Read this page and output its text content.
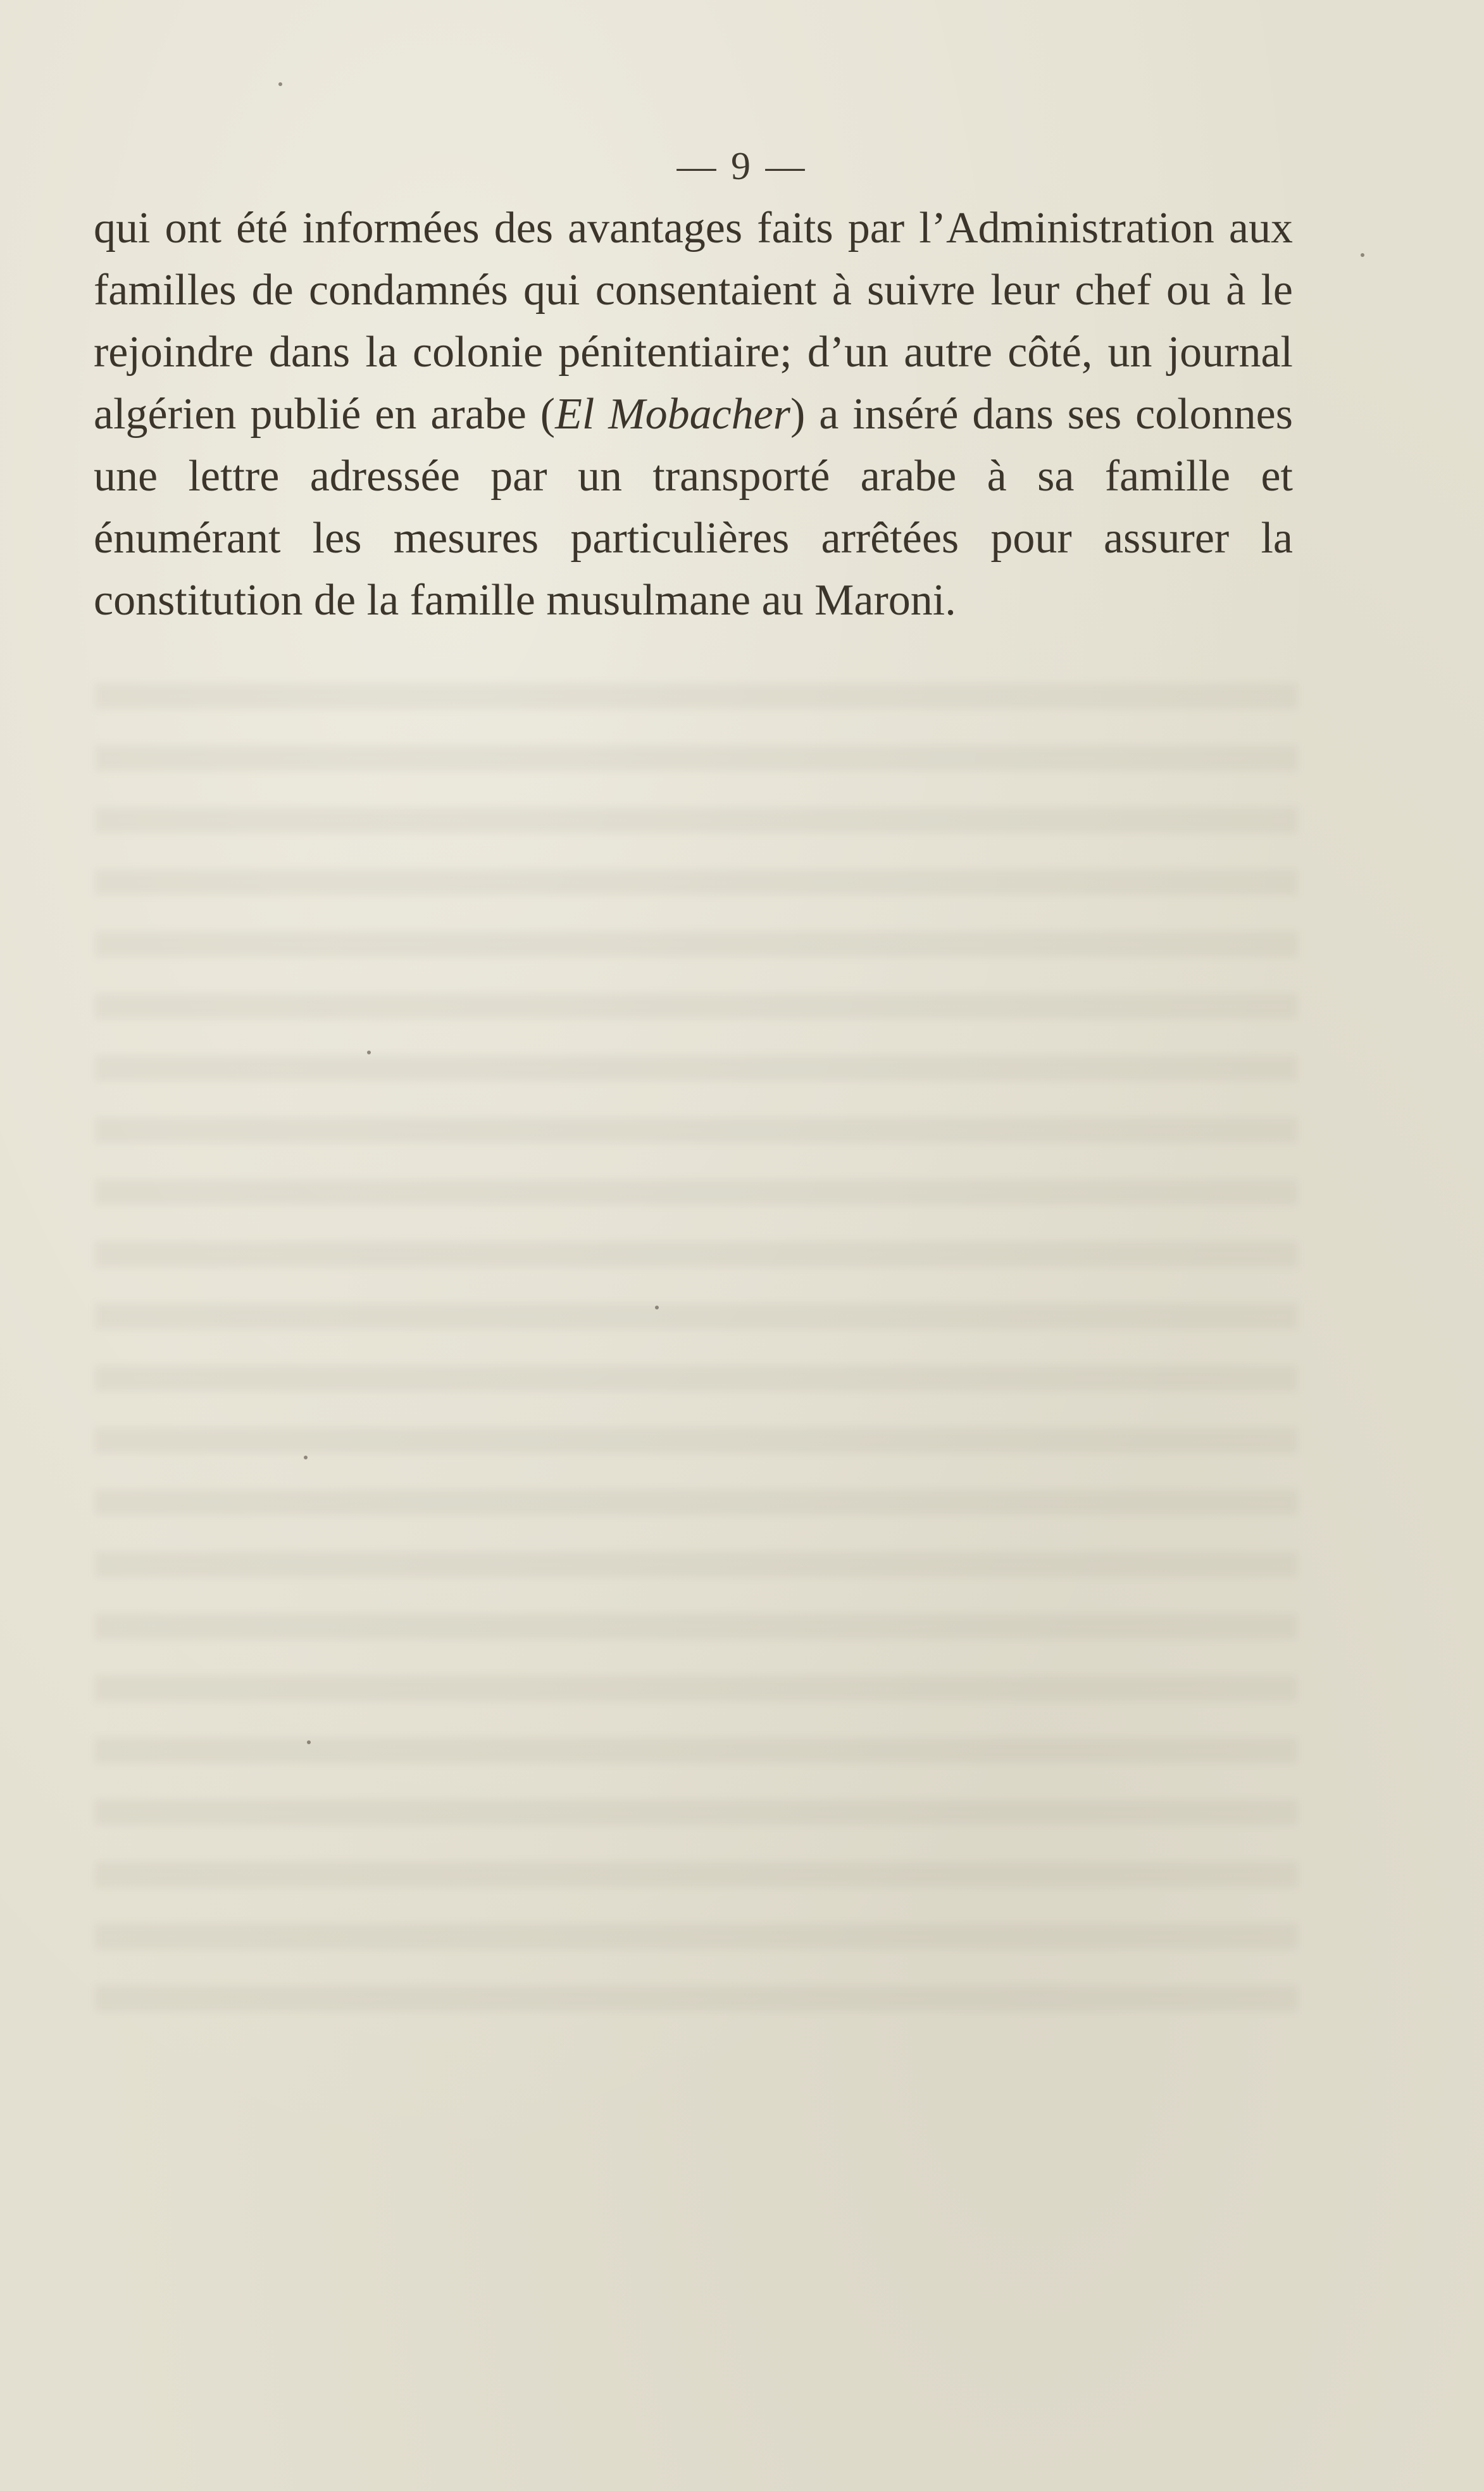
— 9 —

qui ont été informées des avantages faits par l’Administration aux familles de condamnés qui consentaient à suivre leur chef ou à le rejoindre dans la colonie pénitentiaire; d’un autre côté, un journal algérien publié en arabe (El Mobacher) a inséré dans ses colonnes une lettre adressée par un transporté arabe à sa famille et énumérant les mesures particulières arrêtées pour assurer la constitution de la famille musulmane au Maroni.
